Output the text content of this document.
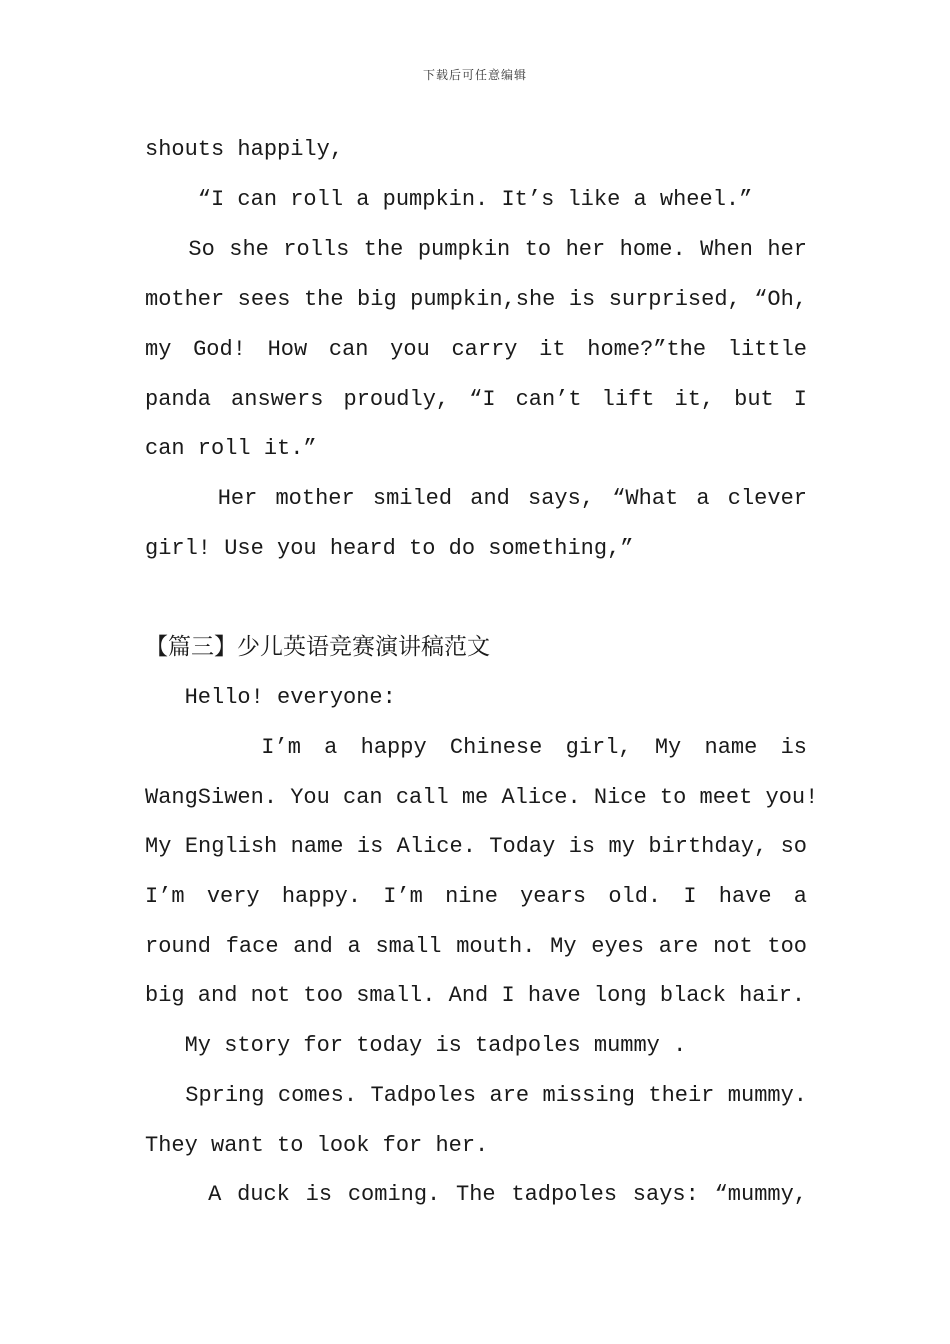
下载后可任意编辑
shouts happily,
“I can roll a pumpkin. It’s like a wheel.”
So she rolls the pumpkin to her home. When her
mother sees the big pumpkin,she is surprised, “Oh,
my God! How can you carry it home?”the little
panda answers proudly, “I can’t lift it, but I
can roll it.”
Her mother smiled and says, “What a clever
girl! Use you heard to do something,”
【篇三】少儿英语竞赛演讲稿范文
Hello! everyone:
I’m a happy Chinese girl, My name is
WangSiwen. You can call me Alice. Nice to meet you!
My English name is Alice. Today is my birthday, so
I’m very happy. I’m nine years old. I have a
round face and a small mouth. My eyes are not too
big and not too small. And I have long black hair.
My story for today is tadpoles mummy .
Spring comes. Tadpoles are missing their mummy.
They want to look for her.
A duck is coming. The tadpoles says: “mummy,
